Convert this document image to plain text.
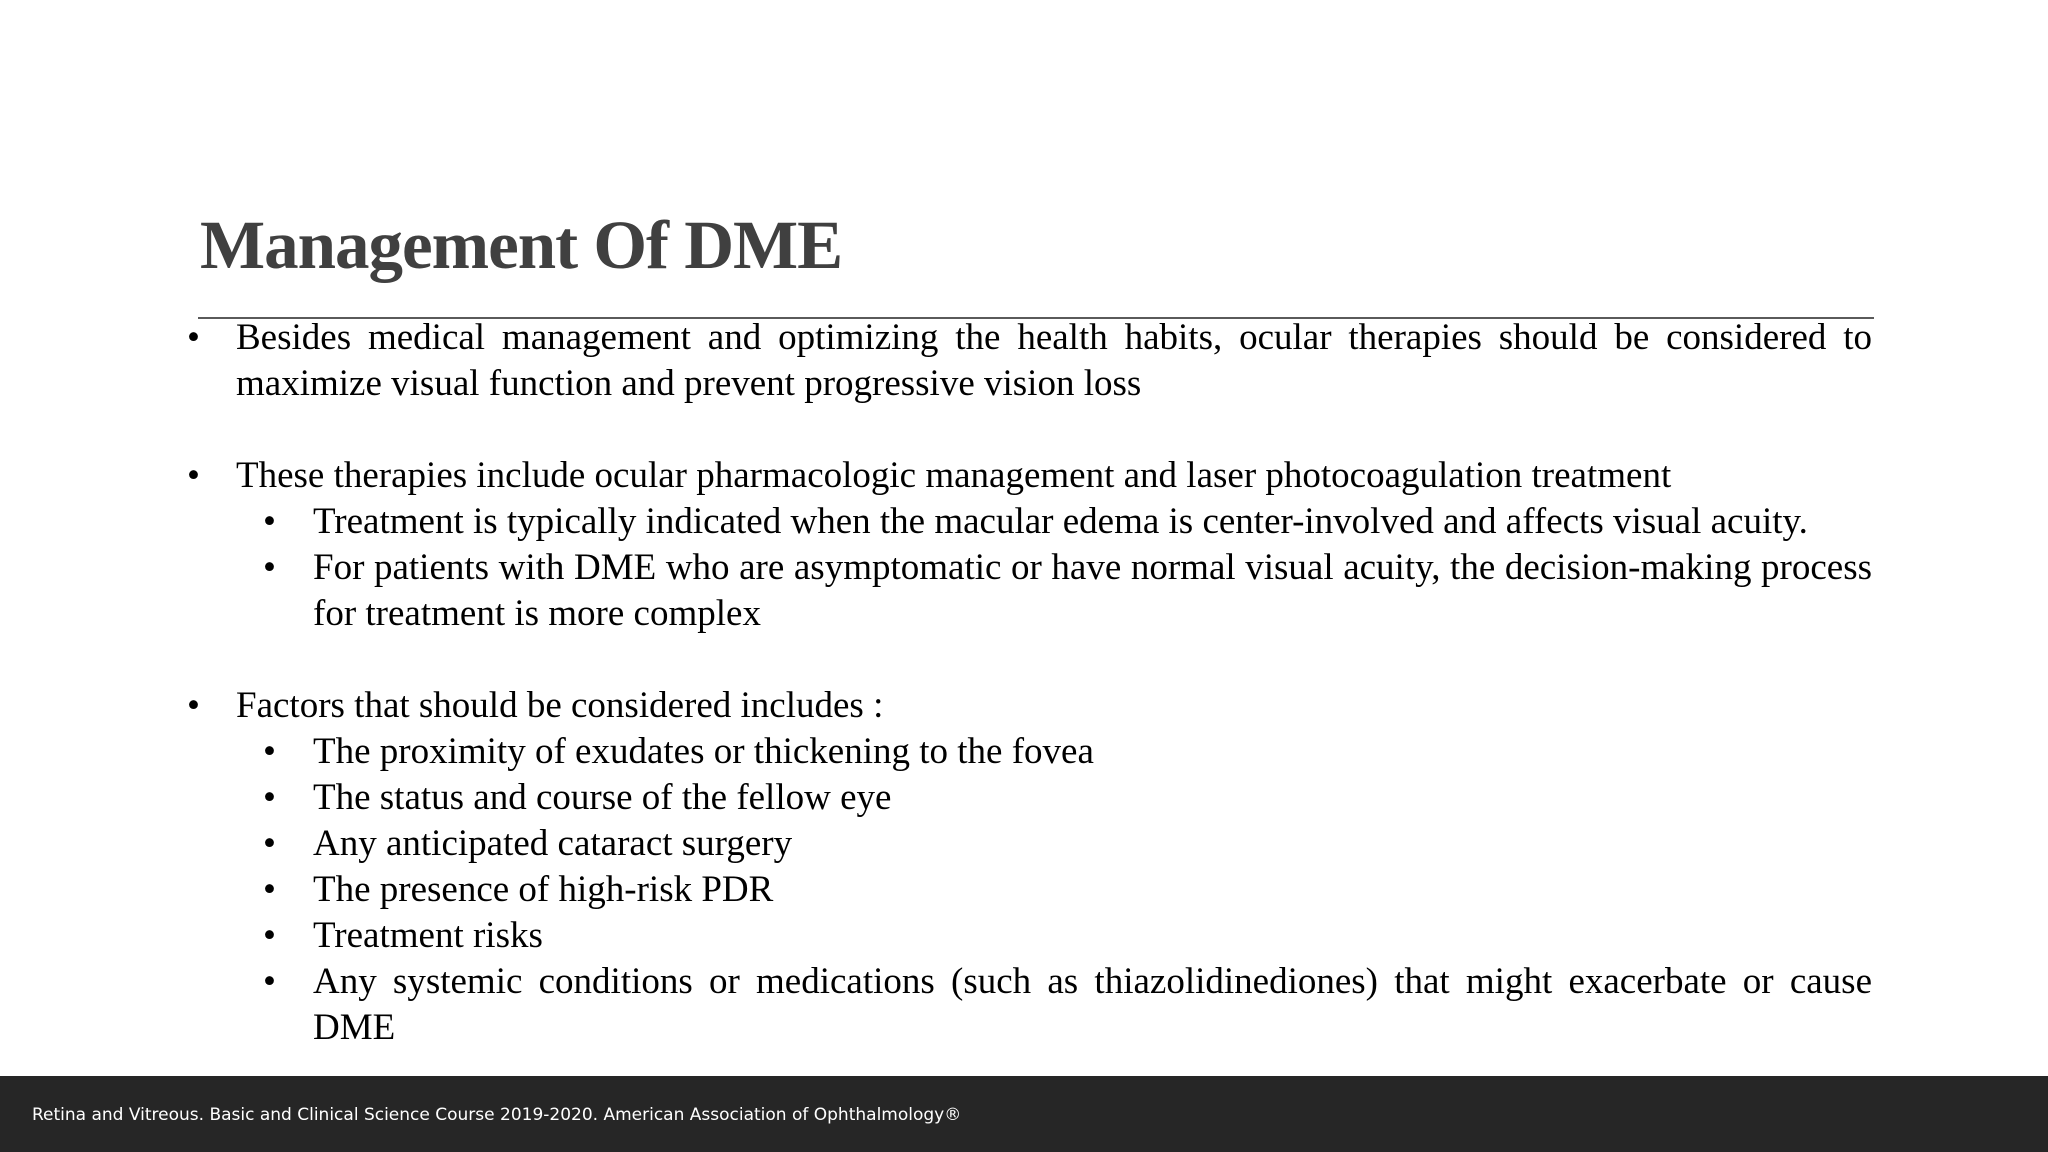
Management Of DME
• Besides medical management and optimizing the health habits, ocular therapies should be considered to maximize visual function and prevent progressive vision loss
• These therapies include ocular pharmacologic management and laser photocoagulation treatment
• Treatment is typically indicated when the macular edema is center-involved and affects visual acuity.
• For patients with DME who are asymptomatic or have normal visual acuity, the decision-making process for treatment is more complex
• Factors that should be considered includes :
• The proximity of exudates or thickening to the fovea
• The status and course of the fellow eye
• Any anticipated cataract surgery
• The presence of high-risk PDR
• Treatment risks
• Any systemic conditions or medications (such as thiazolidinediones) that might exacerbate or cause DME
Retina and Vitreous. Basic and Clinical Science Course 2019-2020. American Association of Ophthalmology®
